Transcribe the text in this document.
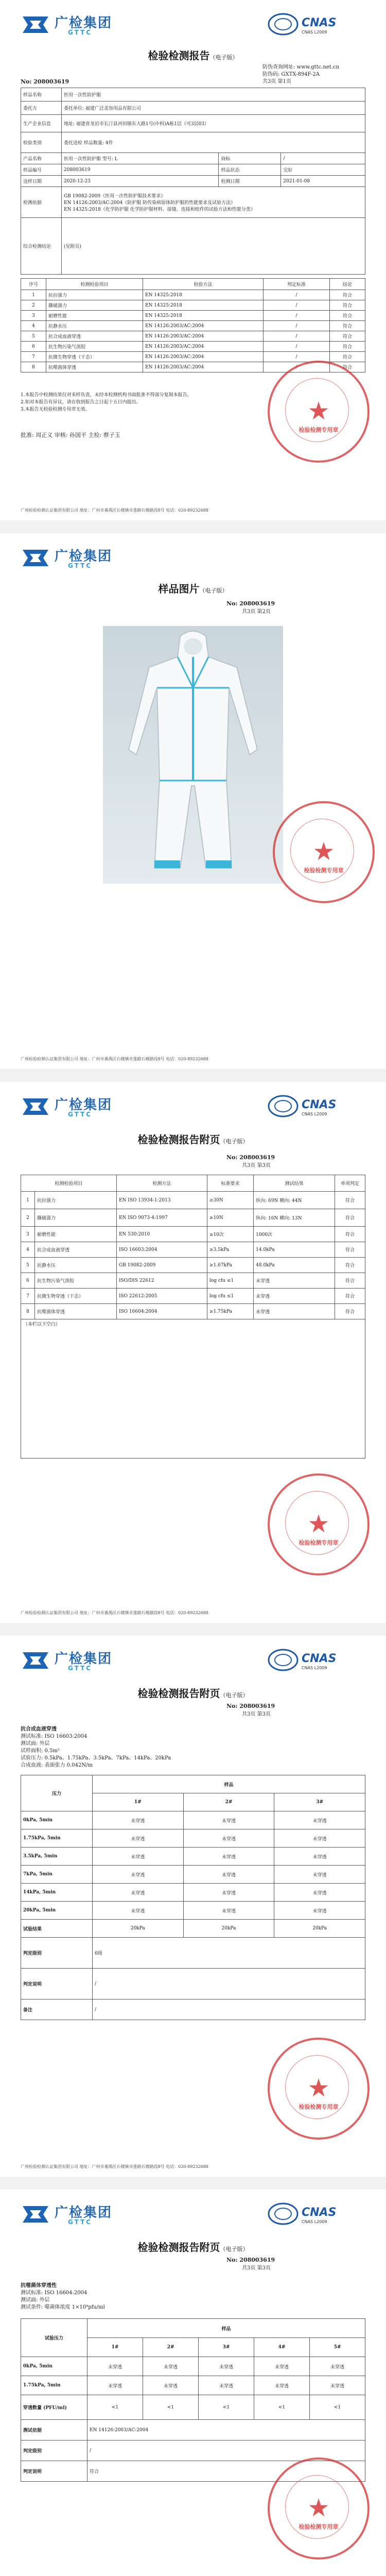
广检集团
GTTC
CNAS
CNAS L2009
检验检测报告（电子版）
防伪查询网址: www.gttc.net.cn
防伪码: GXTX-894F-2A
共3页 第1页
No: 208003619
样品名称	医用一次性防护服		
委托方	委托单位: 福建广泛美容用品有限公司		
生产企业信息	地址: 福建省龙岩市长汀县河田镇东大路1号(中科)A栋1层（可3层03）		
检验类别	委托送检 样品数量: 4件		
产品名称	医用一次性防护服 型号: L	商标	/
样品编号	208003619	样品状态	完好
送样日期	2020-12-23	检测日期	2021-01-08
检测依据	GB 19082-2009《医用一次性防护服技术要求》
EN 14126:2003/AC:2004《防护服 防传染病原体防护服的性能要求及试验方法》
EN 14325:2018《化学防护服 化学防护服材料、接缝、连接和组件的试验方法和性能分类》		

综合检测结论	(见附页)		
序号	检测检验项目	检验方法	判定标准	结论
1	抗拉强力	EN 14325:2018	/	符合
2	撕破强力	EN 14325:2018	/	符合
3	耐磨性能	EN 14325:2018	/	符合
4	抗静水压	EN 14126:2003/AC:2004	/	符合
5	抗合成血液穿透	EN 14126:2003/AC:2004	/	符合
6	抗生物污染气溶胶	EN 14126:2003/AC:2004	/	符合
7	抗微生物穿透（干态）	EN 14126:2003/AC:2004	/	符合
8	抗噬菌体穿透	EN 14126:2003/AC:2004	/	符合
1.本报告中检测结果仅对来样负责，未经本检测机构书面批准不得部分复制本报告。
2.如对本报告有异议，请在收到报告之日起十五日内提出。
3.本报告无检验检测专用章无效。
批准: 周正义 审核: 孙国平 主检: 蔡子玉
★
检验检测专用章
广州检验检测认证集团有限公司 地址：广州市番禺区石楼镇市莲路石楼路段8号 电话：020-89232688
广检集团
GTTC
样品图片（电子版）
No: 208003619
共3页 第2页
★
检验检测专用章
广州检验检测认证集团有限公司 地址：广州市番禺区石楼镇市莲路石楼路段8号 电话：020-89232688
广检集团
GTTC
CNAS
CNAS L2009
检验检测报告附页（电子版）
No: 208003619
共3页 第3页
检测检验项目		检测方法	标准要求	测试结果	单项判定
1	抗拉强力	EN ISO 13934-1:2013	≥30N	纵向: 69N 横向: 44N	符合
2	撕破强力	EN ISO 9073-4:1997	≥10N	纵向: 16N 横向: 13N	符合
3	耐磨性能	EN 530:2010	≥10次	1000次	符合
4	抗合成血液穿透	ISO 16603:2004	≥3.5kPa	14.0kPa	符合
5	抗静水压	GB 19082-2009	≥1.67kPa	48.0kPa	符合
6	抗生物污染气溶胶	ISO/DIS 22612	log cfu ≤1	未穿透	符合
7	抗微生物穿透（干态）	ISO 22612:2005	log cfu ≤1	未穿透	符合
8	抗噬菌体穿透	ISO 16604:2004	≥1.75kPa	未穿透	符合
（本栏以下空白）					
★
检验检测专用章
广州检验检测认证集团有限公司 地址：广州市番禺区石楼镇市莲路石楼路段8号 电话：020-89232688
广检集团
GTTC
CNAS
CNAS L2009
检验检测报告附页（电子版）
No: 208003619
共3页 第3页
抗合成血液穿透
测试标准: ISO 16603:2004
测试面: 外层
试样面积: 0.5m²
试验压力: 0.5kPa、1.75kPa、3.5kPa、7kPa、14kPa、20kPa
合成血液: 表面张力 0.042N/m
压力	样品		
	1#	2#	3#
0kPa, 5min	未穿透	未穿透	未穿透
1.75kPa, 5min	未穿透	未穿透	未穿透
3.5kPa, 5min	未穿透	未穿透	未穿透
7kPa, 5min	未穿透	未穿透	未穿透
14kPa, 5min	未穿透	未穿透	未穿透
20kPa, 5min	未穿透	未穿透	未穿透
试验结果	20kPa	20kPa	20kPa
判定级别	6级		
判定说明	/		
备注	/		
★
检验检测专用章
广州检验检测认证集团有限公司 地址：广州市番禺区石楼镇市莲路石楼路段8号 电话：020-89232688
广检集团
GTTC
CNAS
CNAS L2009
检验检测报告附页（电子版）
No: 208003619
共3页 第3页
抗噬菌体穿透性
测试标准: ISO 16604:2004
测试面: 外层
测试条件: 噬菌体浓度 1×10⁸pfu/ml
试验压力	样品				
	1#	2#	3#	4#	5#
0kPa, 5min	未穿透	未穿透	未穿透	未穿透	未穿透
1.75kPa, 5min	未穿透	未穿透	未穿透	未穿透	未穿透
穿透数量 (PFU/ml)	<1	<1	<1	<1	<1
测试依据	EN 14126:2003/AC:2004				
判定级别	/				
判定说明	符合				
★
检验检测专用章
